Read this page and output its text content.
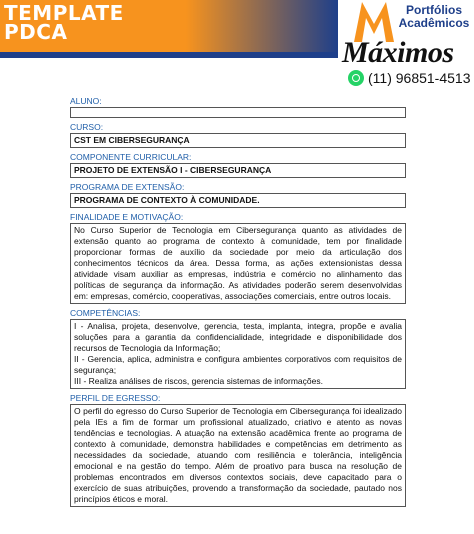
TEMPLATE
PDCA
Portfólios
Acadêmicos
Máximos
(11) 96851-4513
ALUNO:
CURSO:
CST EM CIBERSEGURANÇA
COMPONENTE CURRICULAR:
PROJETO DE EXTENSÃO I - CIBERSEGURANÇA
PROGRAMA DE EXTENSÃO:
PROGRAMA DE CONTEXTO À COMUNIDADE.
FINALIDADE E MOTIVAÇÃO:
No Curso Superior de Tecnologia em Cibersegurança quanto as atividades de extensão quanto ao programa de contexto à comunidade, tem por finalidade proporcionar formas de auxílio da sociedade por meio da articulação dos conhecimentos técnicos da área. Dessa forma, as ações extensionistas dessa atividade visam auxiliar as empresas, indústria e comércio no alinhamento das políticas de segurança da informação. As atividades poderão serem desenvolvidas em: empresas, comércio, cooperativas, associações comerciais, entre outros locais.
COMPETÊNCIAS:
I - Analisa, projeta, desenvolve, gerencia, testa, implanta, integra, propõe e avalia soluções para a garantia da confidencialidade, integridade e disponibilidade dos recursos de Tecnologia da Informação;
II - Gerencia, aplica, administra e configura ambientes corporativos com requisitos de segurança;
III - Realiza análises de riscos, gerencia sistemas de informações.
PERFIL DE EGRESSO:
O perfil do egresso do Curso Superior de Tecnologia em Cibersegurança foi idealizado pela IEs a fim de formar um profissional atualizado, criativo e atento as novas tendências e tecnologias. A atuação na extensão acadêmica frente ao programa de contexto à comunidade, demonstra habilidades e competências em detrimento as necessidades da sociedade, atuando com resiliência e tolerância, inteligência emocional e na gestão do tempo. Além de proativo para busca na resolução de problemas encontrados em diversos contextos sociais, deve capacitado para o exercício de suas atribuições, provendo a transformação da sociedade, pautado nos princípios éticos e moral.
